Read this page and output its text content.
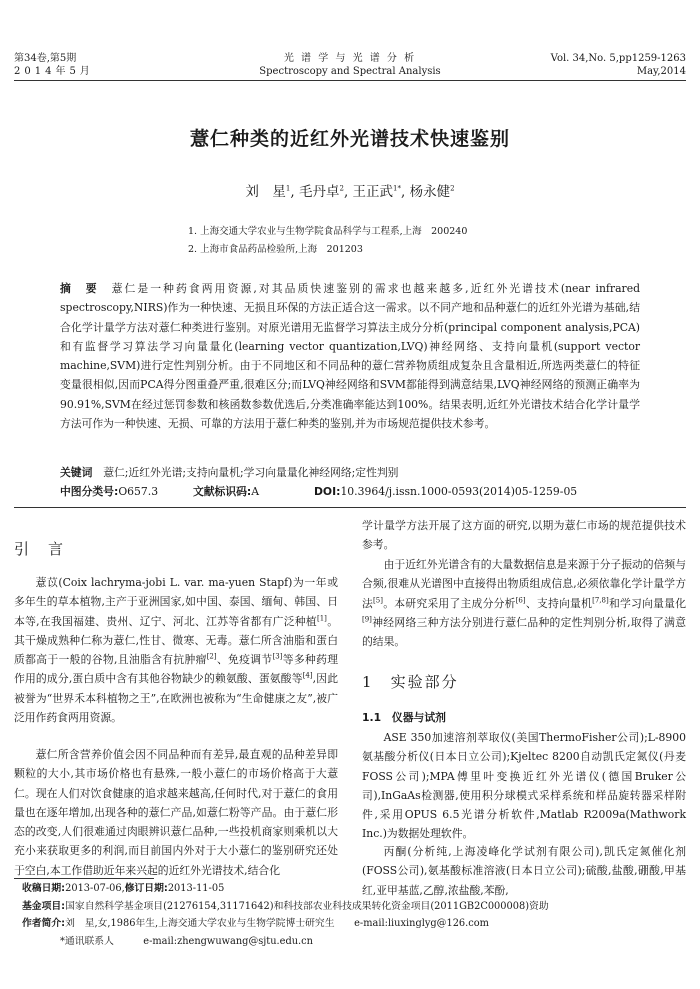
第34卷,第5期
2014年5月
光 谱 学 与 光 谱 分 析
Spectroscopy and Spectral Analysis
Vol. 34,No. 5,pp1259-1263
May,2014
薏仁种类的近红外光谱技术快速鉴别
刘　星$^1$, 毛丹卓$^2$, 王正武$^{1*}$, 杨永健$^2$
1. 上海交通大学农业与生物学院食品科学与工程系,上海　200240
2. 上海市食品药品检验所,上海　201203
摘　要　 薏仁是一种药食两用资源,对其品质快速鉴别的需求也越来越多,近红外光谱技术(near infrared spectroscopy,NIRS)作为一种快速、无损且环保的方法正适合这一需求。以不同产地和品种薏仁的近红外光谱为基础,结合化学计量学方法对薏仁种类进行鉴别。对原光谱用无监督学习算法主成分分析(principal component analysis,PCA)和有监督学习算法学习向量量化(learning vector quantization,LVQ)神经网络、支持向量机(support vector machine,SVM)进行定性判别分析。由于不同地区和不同品种的薏仁营养物质组成复杂且含量相近,所选两类薏仁的特征变量很相似,因而PCA得分图重叠严重,很难区分;而LVQ神经网络和SVM都能得到满意结果,LVQ神经网络的预测正确率为90.91%,SVM在经过惩罚参数和核函数参数优选后,分类准确率能达到100%。结果表明,近红外光谱技术结合化学计量学方法可作为一种快速、无损、可靠的方法用于薏仁种类的鉴别,并为市场规范提供技术参考。
关键词　 薏仁;近红外光谱;支持向量机;学习向量量化神经网络;定性判别
中图分类号:O657.3	文献标识码:A	DOI:10.3964/j.issn.1000-0593(2014)05-1259-05
引　言
薏苡(Coix lachryma-jobi L. var. ma-yuen Stapf)为一年或多年生的草本植物,主产于亚洲国家,如中国、泰国、缅甸、韩国、日本等,在我国福建、贵州、辽宁、河北、江苏等省都有广泛种植[1]。其干燥成熟种仁称为薏仁,性甘、微寒、无毒。薏仁所含油脂和蛋白质都高于一般的谷物,且油脂含有抗肿瘤[2]、免疫调节[3]等多种药理作用的成分,蛋白质中含有其他谷物缺少的赖氨酸、蛋氨酸等[4],因此被誉为“世界禾本科植物之王”,在欧洲也被称为“生命健康之友”,被广泛用作药食两用资源。
薏仁所含营养价值会因不同品种而有差异,最直观的品种差异即颗粒的大小,其市场价格也有悬殊,一般小薏仁的市场价格高于大薏仁。现在人们对饮食健康的追求越来越高,任何时代,对于薏仁的食用量也在逐年增加,出现各种的薏仁产品,如薏仁粉等产品。由于薏仁形态的改变,人们很难通过肉眼辨识薏仁品种,一些投机商家则乘机以大充小来获取更多的利润,而目前国内外对于大小薏仁的鉴别研究还处于空白,本工作借助近年来兴起的近红外光谱技术,结合化
学计量学方法开展了这方面的研究,以期为薏仁市场的规范提供技术参考。
由于近红外光谱含有的大量数据信息是来源于分子振动的倍频与合频,很难从光谱图中直接得出物质组成信息,必须依靠化学计量学方法[5]。本研究采用了主成分分析[6]、支持向量机[7,8]和学习向量量化[9]神经网络三种方法分别进行薏仁品种的定性判别分析,取得了满意的结果。
1　 实验部分
1.1　仪器与试剂
ASE 350加速溶剂萃取仪(美国ThermoFisher公司);L-8900氨基酸分析仪(日本日立公司);Kjeltec 8200自动凯氏定氮仪(丹麦FOSS公司);MPA傅里叶变换近红外光谱仪(德国Bruker公司),InGaAs检测器,使用积分球模式采样系统和样品旋转器采样附件,采用OPUS 6.5光谱分析软件,Matlab R2009a(Mathwork Inc.)为数据处理软件。
丙酮(分析纯,上海凌峰化学试剂有限公司),凯氏定氮催化剂(FOSS公司),氨基酸标准溶液(日本日立公司);硫酸,盐酸,硼酸,甲基红,亚甲基蓝,乙醇,浓盐酸,苯酚,
收稿日期:2013-07-06,修订日期:2013-11-05
基金项目:国家自然科学基金项目(21276154,31171642)和科技部农业科技成果转化资金项目(2011GB2C000008)资助
作者简介:刘　星,女,1986年生,上海交通大学农业与生物学院博士研究生　　e-mail:liuxinglyg@126.com
*通讯联系人　　　	e-mail:zhengwuwang@sjtu.edu.cn
